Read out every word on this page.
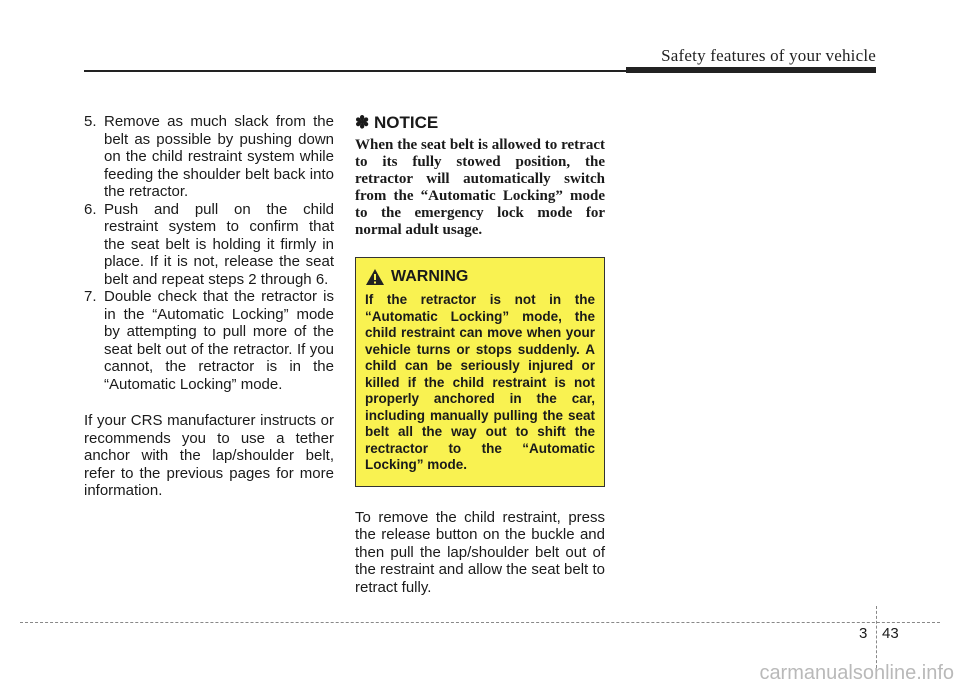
Safety features of your vehicle
5. Remove as much slack from the belt as possible by pushing down on the child restraint system while feeding the shoulder belt back into the retractor.
6. Push and pull on the child restraint system to confirm that the seat belt is holding it firmly in place. If it is not, release the seat belt and repeat steps 2 through 6.
7. Double check that the retractor is in the “Automatic Locking” mode by attempting to pull more of the seat belt out of the retractor. If you cannot, the retractor is in the “Automatic Locking” mode.

If your CRS manufacturer instructs or recommends you to use a tether anchor with the lap/shoulder belt, refer to the previous pages for more information.

✽ NOTICE

When the seat belt is allowed to retract to its fully stowed position, the retractor will automatically switch from the “Automatic Locking” mode to the emergency lock mode for normal adult usage.

WARNING
If the retractor is not in the “Automatic Locking” mode, the child restraint can move when your vehicle turns or stops suddenly. A child can be seriously injured or killed if the child restraint is not properly anchored in the car, including manually pulling the seat belt all the way out to shift the rectractor to the “Automatic Locking” mode.

To remove the child restraint, press the release button on the buckle and then pull the lap/shoulder belt out of the restraint and allow the seat belt to retract fully.

3 43
carmanualsonline.info
